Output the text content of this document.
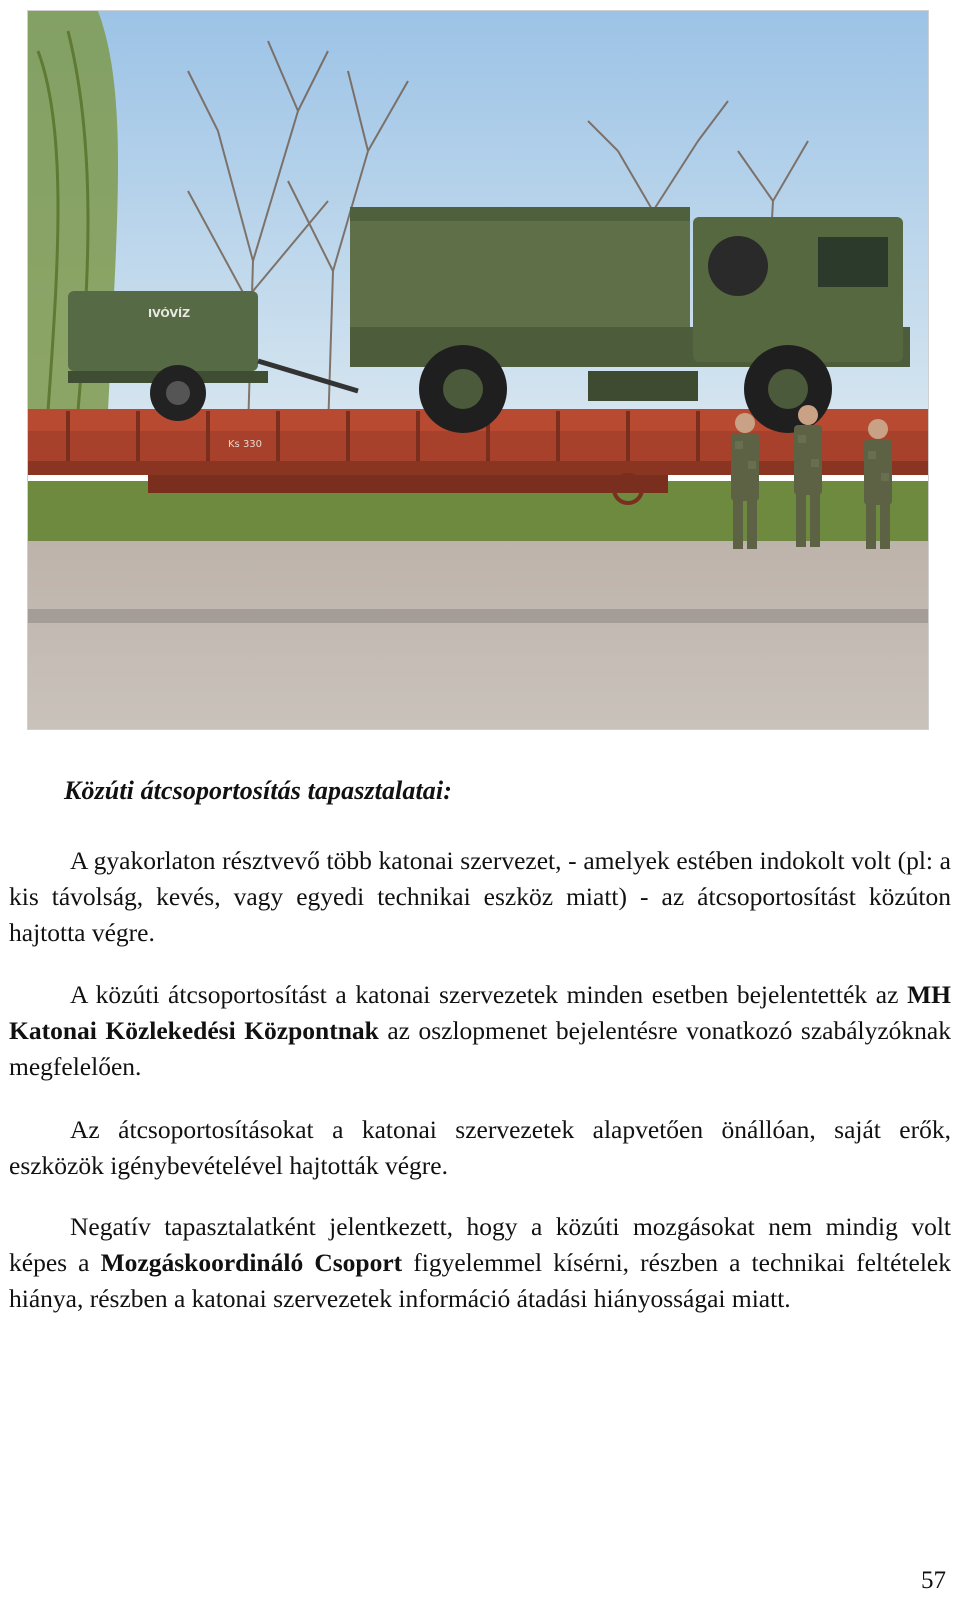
Ks 330
IVÓVÍZ

Közúti átcsoportosítás tapasztalatai:

A gyakorlaton résztvevő több katonai szervezet, - amelyek estében indokolt volt (pl: a kis távolság, kevés, vagy egyedi technikai eszköz miatt) - az átcsoportosítást közúton hajtotta végre.

A közúti átcsoportosítást a katonai szervezetek minden esetben bejelentették az MH Katonai Közlekedési Központnak az oszlopmenet bejelentésre vonatkozó szabályzóknak megfelelően.

Az átcsoportosításokat a katonai szervezetek alapvetően önállóan, saját erők, eszközök igénybevételével hajtották végre.

Negatív tapasztalatként jelentkezett, hogy a közúti mozgásokat nem mindig volt képes a Mozgáskoordináló Csoport figyelemmel kísérni, részben a technikai feltételek hiánya, részben a katonai szervezetek információ átadási hiányosságai miatt.

57
